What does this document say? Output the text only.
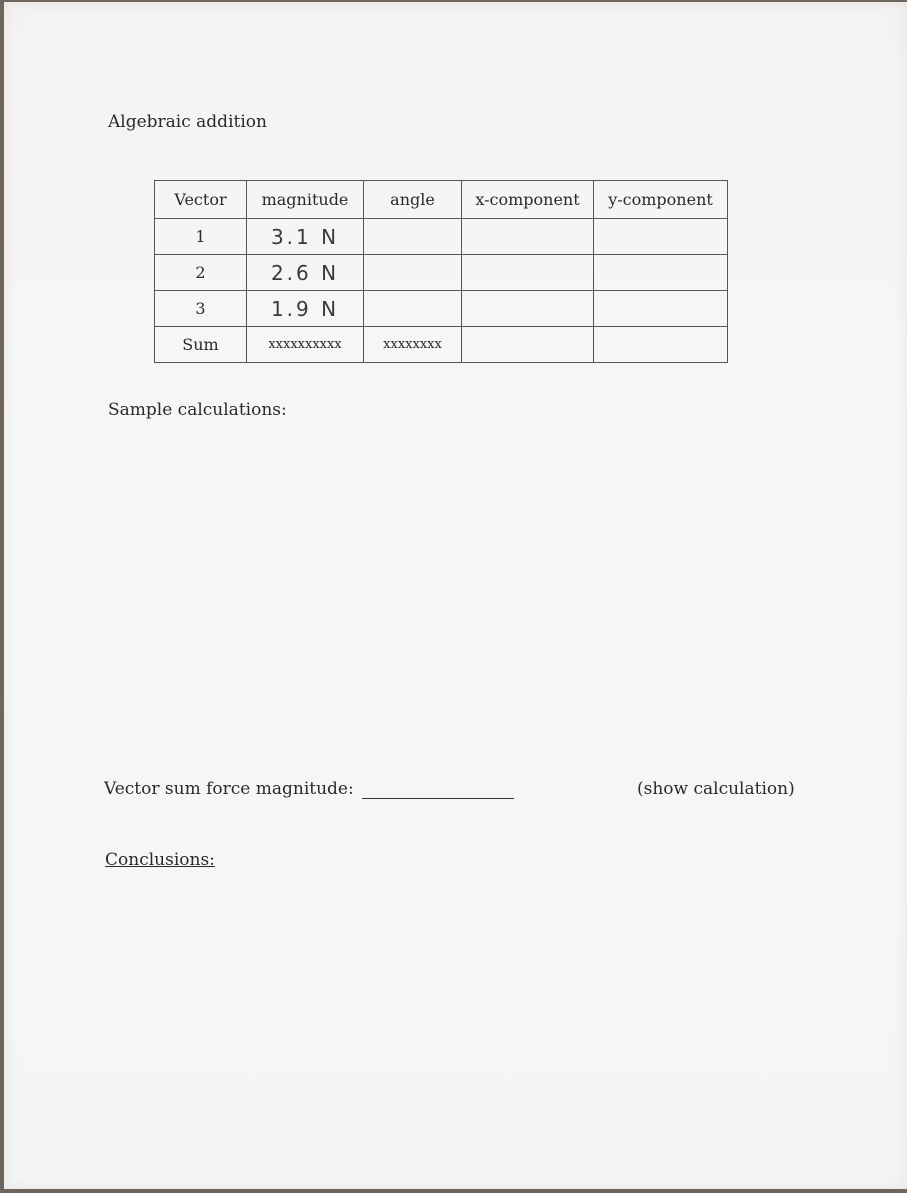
Algebraic addition
Vector	magnitude	angle	x-component	y-component
1	3.1 N			
2	2.6 N			
3	1.9 N			
Sum	xxxxxxxxxx	xxxxxxxx		
Sample calculations:
Vector sum force magnitude:	(show calculation)
Conclusions:
